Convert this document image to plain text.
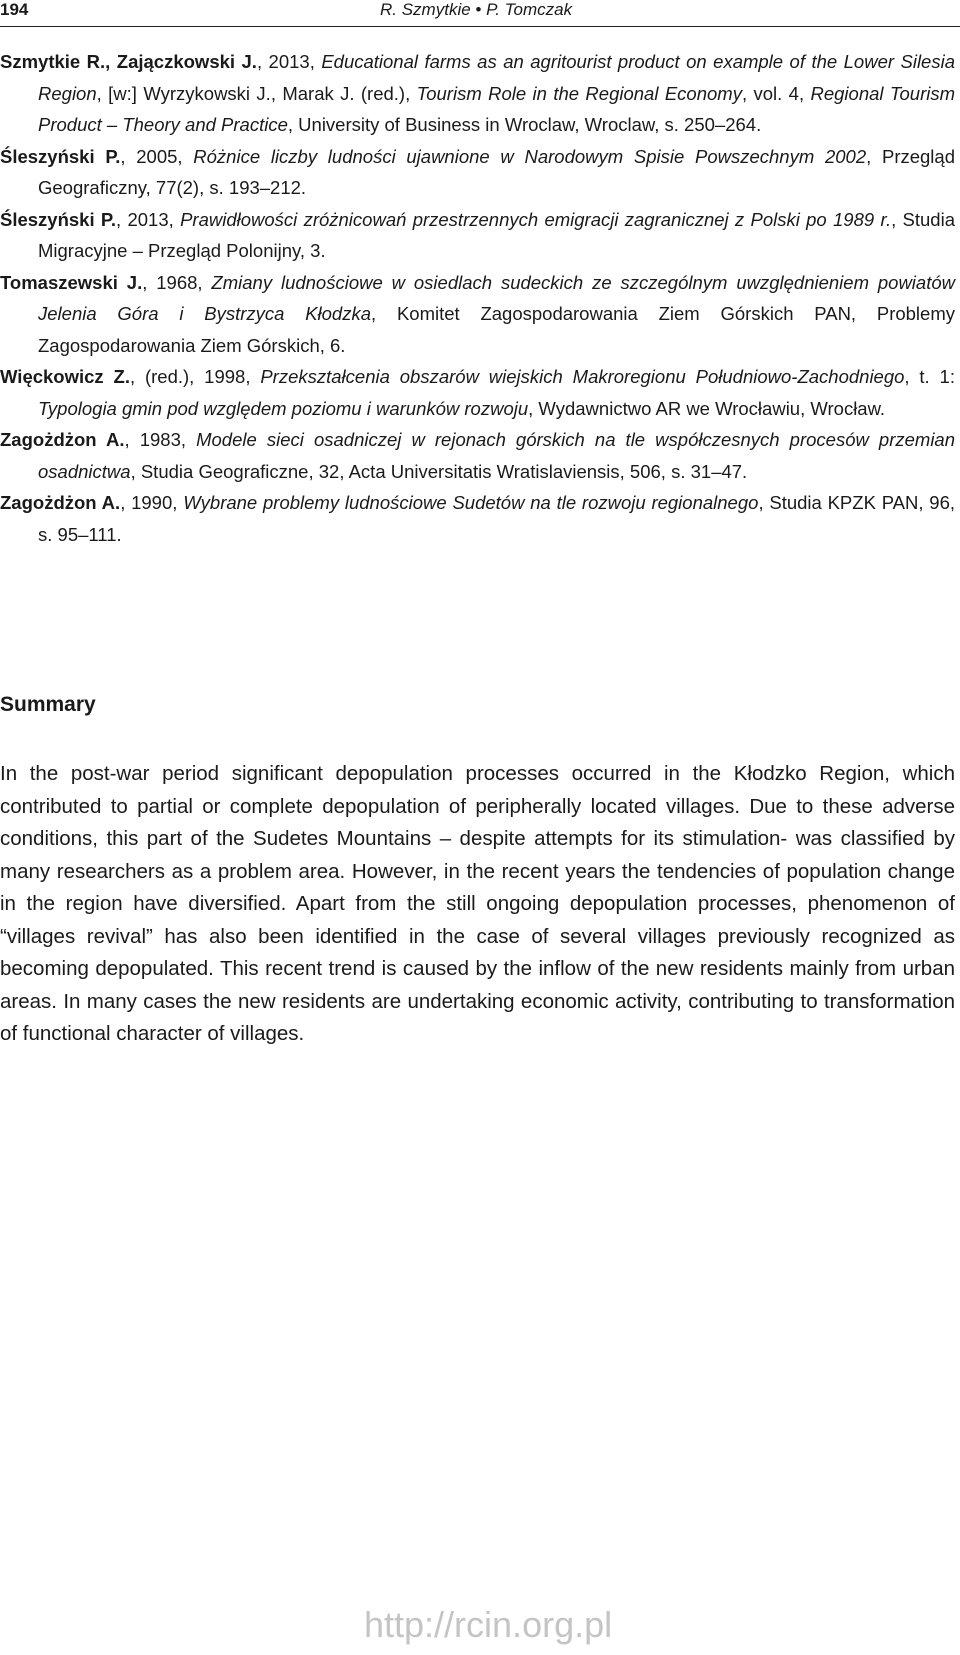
194	R. Szmytkie • P. Tomczak

Szmytkie R., Zajączkowski J., 2013, Educational farms as an agritourist product on example of the Lower Silesia Region, [w:] Wyrzykowski J., Marak J. (red.), Tourism Role in the Regional Economy, vol. 4, Regional Tourism Product – Theory and Practice, University of Business in Wroclaw, Wroclaw, s. 250–264.

Śleszyński P., 2005, Różnice liczby ludności ujawnione w Narodowym Spisie Powszechnym 2002, Przegląd Geograficzny, 77(2), s. 193–212.

Śleszyński P., 2013, Prawidłowości zróżnicowań przestrzennych emigracji zagranicznej z Polski po 1989 r., Studia Migracyjne – Przegląd Polonijny, 3.

Tomaszewski J., 1968, Zmiany ludnościowe w osiedlach sudeckich ze szczególnym uwzględnieniem powiatów Jelenia Góra i Bystrzyca Kłodzka, Komitet Zagospodarowania Ziem Górskich PAN, Problemy Zagospodarowania Ziem Górskich, 6.

Więckowicz Z., (red.), 1998, Przekształcenia obszarów wiejskich Makroregionu Południowo-Zachodniego, t. 1: Typologia gmin pod względem poziomu i warunków rozwoju, Wydawnictwo AR we Wrocławiu, Wrocław.

Zagożdżon A., 1983, Modele sieci osadniczej w rejonach górskich na tle współczesnych procesów przemian osadnictwa, Studia Geograficzne, 32, Acta Universitatis Wratislaviensis, 506, s. 31–47.

Zagożdżon A., 1990, Wybrane problemy ludnościowe Sudetów na tle rozwoju regionalnego, Studia KPZK PAN, 96, s. 95–111.

Summary

In the post-war period significant depopulation processes occurred in the Kłodzko Region, which contributed to partial or complete depopulation of peripherally located villages. Due to these adverse conditions, this part of the Sudetes Mountains – despite attempts for its stimulation- was classified by many researchers as a problem area. However, in the recent years the tendencies of population change in the region have diversified. Apart from the still ongoing depopulation processes, phenomenon of “villages revival” has also been identified in the case of several villages previously recognized as becoming depopulated. This recent trend is caused by the inflow of the new residents mainly from urban areas. In many cases the new residents are undertaking economic activity, contributing to transformation of functional character of villages.

http://rcin.org.pl
